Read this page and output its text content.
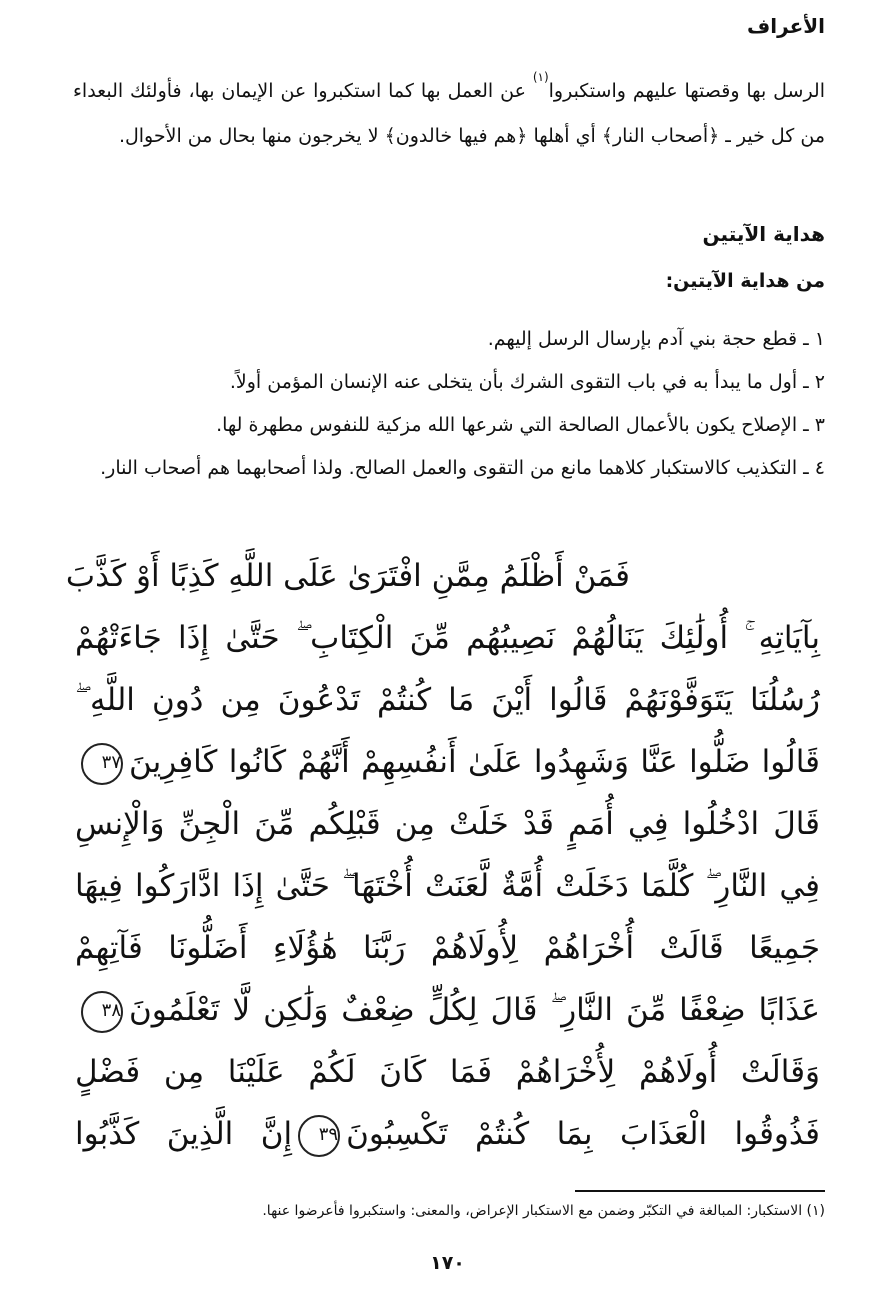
الأعراف

الرسل بها وقصتها عليهم واستكبروا$^{(١)}$ عن العمل بها كما استكبروا عن الإيمان بها، فأولئك البعداء من كل خير ـ ﴿أصحاب النار﴾ أي أهلها ﴿هم فيها خالدون﴾ لا يخرجون منها بحال من الأحوال.

هداية الآيتين
من هداية الآيتين:
١ ـ قطع حجة بني آدم بإرسال الرسل إليهم.
٢ ـ أول ما يبدأ به في باب التقوى الشرك بأن يتخلى عنه الإنسان المؤمن أولاً.
٣ ـ الإصلاح يكون بالأعمال الصالحة التي شرعها الله مزكية للنفوس مطهرة لها.
٤ ـ التكذيب كالاستكبار كلاهما مانع من التقوى والعمل الصالح. ولذا أصحابهما هم أصحاب النار.
فَمَنْ أَظْلَمُ مِمَّنِ افْتَرَىٰ عَلَى اللَّهِ كَذِبًا أَوْ كَذَّبَ
بِآيَاتِهِ ۚ أُولَٰئِكَ يَنَالُهُمْ نَصِيبُهُم مِّنَ الْكِتَابِ ۖ حَتَّىٰ إِذَا جَاءَتْهُمْ
رُسُلُنَا يَتَوَفَّوْنَهُمْ قَالُوا أَيْنَ مَا كُنتُمْ تَدْعُونَ مِن دُونِ اللَّهِ ۖ
قَالُوا ضَلُّوا عَنَّا وَشَهِدُوا عَلَىٰ أَنفُسِهِمْ أَنَّهُمْ كَانُوا كَافِرِينَ٣٧
قَالَ ادْخُلُوا فِي أُمَمٍ قَدْ خَلَتْ مِن قَبْلِكُم مِّنَ الْجِنِّ وَالْإِنسِ
فِي النَّارِ ۖ كُلَّمَا دَخَلَتْ أُمَّةٌ لَّعَنَتْ أُخْتَهَا ۖ حَتَّىٰ إِذَا ادَّارَكُوا فِيهَا
جَمِيعًا قَالَتْ أُخْرَاهُمْ لِأُولَاهُمْ رَبَّنَا هَٰؤُلَاءِ أَضَلُّونَا فَآتِهِمْ
عَذَابًا ضِعْفًا مِّنَ النَّارِ ۖ قَالَ لِكُلٍّ ضِعْفٌ وَلَٰكِن لَّا تَعْلَمُونَ٣٨
وَقَالَتْ أُولَاهُمْ لِأُخْرَاهُمْ فَمَا كَانَ لَكُمْ عَلَيْنَا مِن فَضْلٍ
فَذُوقُوا الْعَذَابَ بِمَا كُنتُمْ تَكْسِبُونَ٣٩إِنَّ الَّذِينَ كَذَّبُوا
(١) الاستكبار: المبالغة في التكبّر وضمن مع الاستكبار الإعراض، والمعنى: واستكبروا فأعرضوا عنها.
١٧٠
